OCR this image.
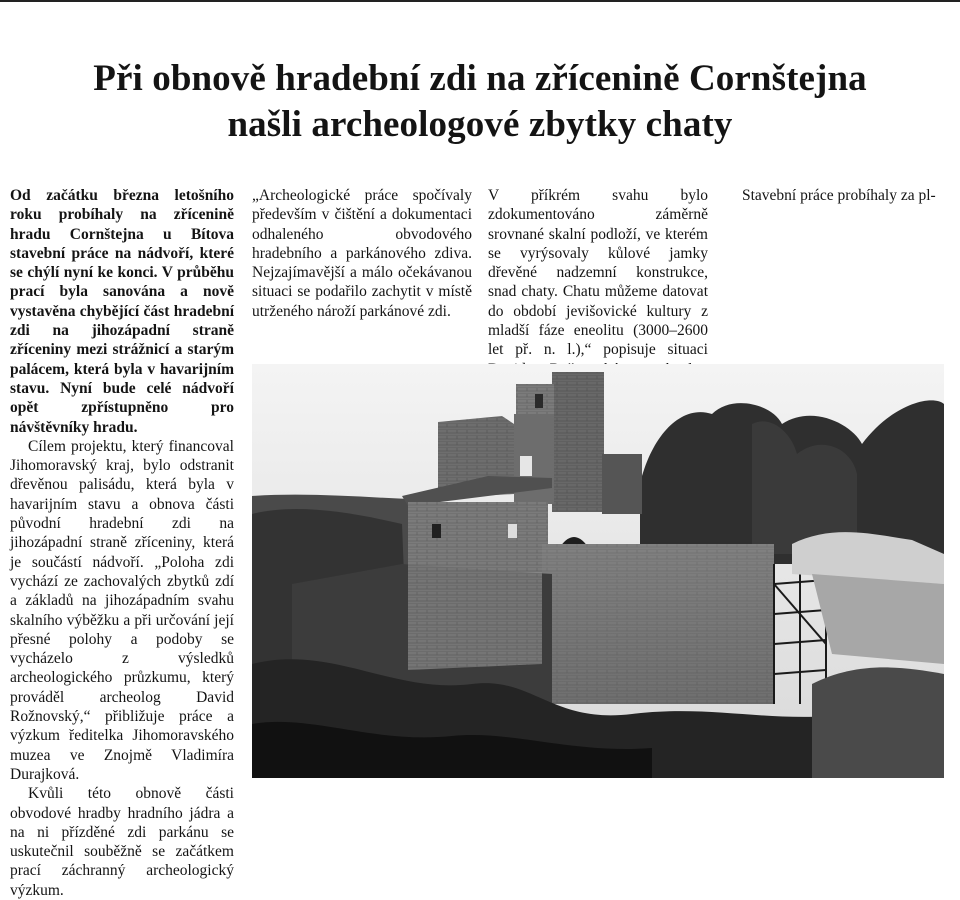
Při obnově hradební zdi na zřícenině Cornštejna
našli archeologové zbytky chaty

Od začátku března letošního roku probíhaly na zřícenině hradu Cornštejna u Bítova stavební práce na nádvoří, které se chýlí nyní ke konci. V průběhu prací byla sanována a nově vystavěna chybějící část hradební zdi na jihozápadní straně zříceniny mezi strážnicí a starým palácem, která byla v havarijním stavu. Nyní bude celé nádvoří opět zpřístupněno pro návštěvníky hradu.

Cílem projektu, který financoval Jihomoravský kraj, bylo odstranit dřevěnou palisádu, která byla v havarijním stavu a obnova části původní hradební zdi na jihozápadní straně zříceniny, která je součástí nádvoří. „Poloha zdi vychází ze zachovalých zbytků zdí a základů na jihozápadním svahu skalního výběžku a při určování její přesné polohy a podoby se vycházelo z výsledků archeologického průzkumu, který prováděl archeolog David Rožnovský,“ přibližuje práce a výzkum ředitelka Jihomoravského muzea ve Znojmě Vladimíra Durajková.

Kvůli této obnově části obvodové hradby hradního jádra a na ni přízděné zdi parkánu se uskutečnil souběžně se začátkem prací záchranný archeologický výzkum.

„Archeologické práce spočívaly především v čištění a dokumentaci odhaleného obvodového hradebního a parkánového zdiva. Nejzajímavější a málo očekávanou situaci se podařilo zachytit v místě utrženého nároží parkánové zdi.

V příkrém svahu bylo zdokumentováno záměrně srovnané skalní podloží, ve kterém se vyrýsovaly kůlové jamky dřevěné nadzemní konstrukce, snad chaty. Chatu můžeme datovat do období jevišovické kultury z mladší fáze eneolitu (3000–2600 let př. n. l.),“ popisuje situaci

Stavební práce probíhaly za pl-
